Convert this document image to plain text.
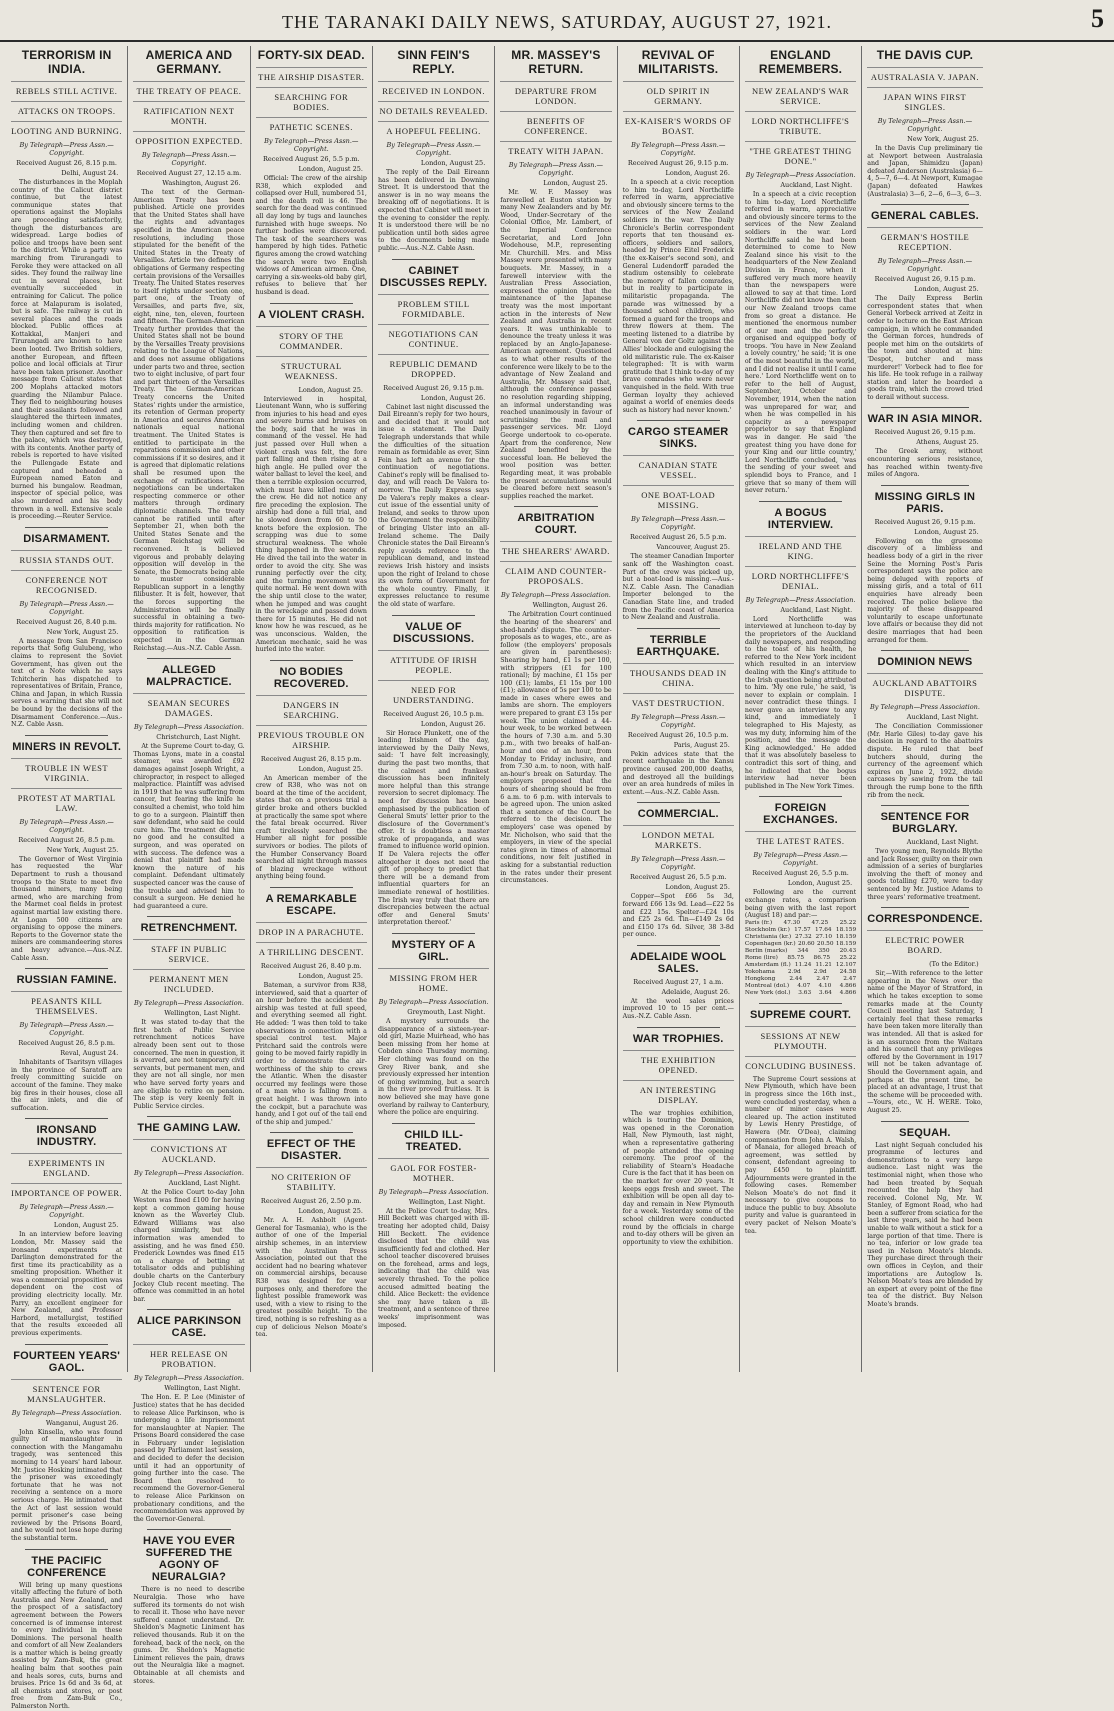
THE TARANAKI DAILY NEWS, SATURDAY, AUGUST 27, 1921.	5
TERRORISM IN INDIA.
REBELS STILL ACTIVE.
ATTACKS ON TROOPS.
LOOTING AND BURNING.
By Telegraph—Press Assn.—Copyright.
Received August 26, 8.15 p.m.
Delhi, August 24.

The disturbances in the Moplah country of the Calicut district continue, but the latest communique states that operations against the Moplahs are proceeding satisfactorily, though the disturbances are widespread. Large bodies of police and troops have been sent to the district. While a party was marching from Tirurangadi to Feroke they were attacked on all sides. They found the railway line cut in several places, but eventually succeeded in entraining for Calicut. The police force at Malapuram is isolated, but is safe. The railway is cut in several places and the roads blocked. Public offices at Kottakkal, Manjeri and Tirurangadi are known to have been looted. Two British soldiers, another European, and fifteen police and local officials at Tirur have been taken prisoner. Another message from Calicut states that 200 Moplahs attacked motors guarding the Nilambur Palace. They fled to neighbouring houses and their assailants followed and slaughtered the thirteen inmates, including women and children. They then captured and set fire to the palace, which was destroyed, with its contents. Another party of rebels is reported to have visited the Pullengade Estate and captured and beheaded a European named Eaton and burned his bungalow. Readman, inspector of special police, was also murdered and his body thrown in a well. Extensive scale is proceeding.—Reuter Service.

DISARMAMENT.
RUSSIA STANDS OUT.
CONFERENCE NOT RECOGNISED.
By Telegraph—Press Assn.—Copyright.
Received August 26, 8.40 p.m.
New York, August 25.

A message from San Francisco reports that Sofig Gulubeng, who claims to represent the Soviet Government, has given out the text of a Note which he says Tchitcherin has dispatched to representatives of Britain, France, China and Japan, in which Russia serves a warning that she will not be bound by the decisions of the Disarmament Conference.—Aus.-N.Z. Cable Assn.

MINERS IN REVOLT.
TROUBLE IN WEST VIRGINIA.
PROTEST AT MARTIAL LAW.
By Telegraph—Press Assn.—Copyright.
Received August 26, 8.5 p.m.
New York, August 25.

The Governor of West Virginia has requested the War Department to rush a thousand troops to the State to meet five thousand miners, many being armed, who are marching from the Marmet coal fields in protest against martial law existing there. At Logan 500 citizens are organising to oppose the miners. Reports to the Governor state the miners are commandeering stores and heavy advance.—Aus.-N.Z. Cable Assn.

RUSSIAN FAMINE.
PEASANTS KILL THEMSELVES.
By Telegraph—Press Assn.—Copyright.
Received August 26, 8.5 p.m.
Reval, August 24.

Inhabitants of Tsaritsyn villages in the province of Saratoff are freely committing suicide on account of the famine. They make big fires in their houses, close all the air inlets, and die of suffocation.

IRONSAND INDUSTRY.
EXPERIMENTS IN ENGLAND.
IMPORTANCE OF POWER.
By Telegraph—Press Assn.—Copyright.
London, August 25.

In an interview before leaving London, Mr. Massey said the ironsand experiments at Darlington demonstrated for the first time its practicability as a smelting proposition. Whether it was a commercial proposition was dependent on the cost of providing electricity locally. Mr. Parry, an excellent engineer for New Zealand, and Professor Harbord, metallurgist, testified that the results exceeded all previous experiments.

FOURTEEN YEARS' GAOL.
SENTENCE FOR MANSLAUGHTER.
By Telegraph—Press Association.
Wanganui, August 26.

John Kinsella, who was found guilty of manslaughter in connection with the Mangamahu tragedy, was sentenced this morning to 14 years' hard labour. Mr. Justice Hosking intimated that the prisoner was exceedingly fortunate that he was not receiving a sentence on a more serious charge. He intimated that the Act of last session would permit prisoner's case being reviewed by the Prisons Board, and he would not lose hope during the substantial term.

THE PACIFIC CONFERENCE

Will bring up many questions vitally affecting the future of both Australia and New Zealand, and the prospect of a satisfactory agreement between the Powers concerned is of immense interest to every individual in these Dominions. The personal health and comfort of all New Zealanders is a matter which is being greatly assisted by Zam-Buk, the great healing balm that soothes pain and heals sores, cuts, burns and bruises. Price 1s 6d and 3s 6d, at all chemists and stores, or post free from Zam-Buk Co., Palmerston North.

AMERICA AND GERMANY.
THE TREATY OF PEACE.
RATIFICATION NEXT MONTH.
OPPOSITION EXPECTED.
By Telegraph—Press Assn.—Copyright.
Received August 27, 12.15 a.m.
Washington, August 26.

The text of the German-American Treaty has been published. Article one provides that the United States shall have the rights and advantages specified in the American peace resolutions, including those stipulated for the benefit of the United States in the Treaty of Versailles. Article two defines the obligations of Germany respecting certain provisions of the Versailles Treaty. The United States reserves to itself rights under section one, part one, of the Treaty of Versailles, and parts five, six, eight, nine, ten, eleven, fourteen and fifteen. The German-American Treaty further provides that the United States shall not be bound by the Versailles Treaty provisions relating to the League of Nations, and does not assume obligations under parts two and three, section two to eight inclusive, of part four and part thirteen of the Versailles Treaty. The German-American Treaty concerns the United States' rights under the armistice, its retention of German property in America and secures American nationals equal national treatment. The United States is entitled to participate in the reparations commission and other commissions if it so desires, and it is agreed that diplomatic relations shall be resumed upon the exchange of ratifications. The negotiations can be undertaken respecting commerce or other matters through ordinary diplomatic channels. The treaty cannot be ratified until after September 21, when both the United States Senate and the German Reichstag will be reconvened. It is believed vigorous and probably delaying opposition will develop in the Senate, the Democrats being able to muster considerable Republican support in a lengthy filibuster. It is felt, however, that the forces supporting the Administration will be finally successful in obtaining a two-thirds majority for ratification. No opposition to ratification is expected in the German Reichstag.—Aus.-N.Z. Cable Assn.

ALLEGED MALPRACTICE.
SEAMAN SECURES DAMAGES.
By Telegraph—Press Association.
Christchurch, Last Night.

At the Supreme Court to-day, G. Thomas Lyons, mate in a coastal steamer, was awarded £92 damages against Joseph Wright, a chiropractor, in respect to alleged malpractice. Plaintiff was advised in 1919 that he was suffering from cancer, but fearing the knife he consulted a chemist, who told him to go to a surgeon. Plaintiff then saw defendant, who said he could cure him. The treatment did him no good and he consulted a surgeon, and was operated on with success. The defence was a denial that plaintiff had made known the nature of his complaint. Defendant ultimately suspected cancer was the cause of the trouble and advised him to consult a surgeon. He denied he had guaranteed a cure.

RETRENCHMENT.
STAFF IN PUBLIC SERVICE.
PERMANENT MEN INCLUDED.
By Telegraph—Press Association.
Wellington, Last Night.

It was stated to-day that the first batch of Public Service retrenchment notices have already been sent out to those concerned. The men in question, it is averred, are not temporary civil servants, but permanent men, and they are not all single, nor men who have served forty years and are eligible to retire on pension. The step is very keenly felt in Public Service circles.

THE GAMING LAW.
CONVICTIONS AT AUCKLAND.
By Telegraph—Press Association.
Auckland, Last Night.

At the Police Court to-day John Weston was fined £100 for having kept a common gaming house known as the Waverley Club. Edward Williams was also charged similarly, but the information was amended to assisting, and he was fined £50. Frederick Lowndes was fined £15 on a charge of betting at totalisator odds and publishing double charts on the Canterbury Jockey Club recent meeting. The offence was committed in an hotel bar.

ALICE PARKINSON CASE.
HER RELEASE ON PROBATION.
By Telegraph—Press Association.
Wellington, Last Night.

The Hon. E. P. Lee (Minister of Justice) states that he has decided to release Alice Parkinson, who is undergoing a life imprisonment for manslaughter at Napier. The Prisons Board considered the case in February under legislation passed by Parliament last session, and decided to defer the decision until it had an opportunity of going further into the case. The Board then resolved to recommend the Governor-General to release Alice Parkinson on probationary conditions, and the recommendation was approved by the Governor-General.

HAVE YOU EVER SUFFERED THE AGONY OF NEURALGIA?

There is no need to describe Neuralgia. Those who have suffered its torments do not wish to recall it. Those who have never suffered cannot understand. Dr. Sheldon's Magnetic Liniment has relieved thousands. Rub it on the forehead, back of the neck, on the gums. Dr. Sheldon's Magnetic Liniment relieves the pain, draws out the Neuralgia like a magnet. Obtainable at all chemists and stores.

FORTY-SIX DEAD.
THE AIRSHIP DISASTER.
SEARCHING FOR BODIES.
PATHETIC SCENES.
By Telegraph—Press Assn.—Copyright.
Received August 26, 5.5 p.m.
London, August 25.

Official: The crew of the airship R38, which exploded and collapsed over Hull, numbered 51, and the death roll is 46. The search for the dead was continued all day long by tugs and launches furnished with huge sweeps. No further bodies were discovered. The task of the searchers was hampered by high tides. Pathetic figures among the crowd watching the search were two English widows of American airmen. One, carrying a six-weeks-old baby girl, refuses to believe that her husband is dead.

A VIOLENT CRASH.
STORY OF THE COMMANDER.
STRUCTURAL WEAKNESS.
London, August 25.

Interviewed in hospital, Lieutenant Wann, who is suffering from injuries to his head and eyes and severe burns and bruises on the body, said that he was in command of the vessel. He had just passed over Hull when a violent crash was felt, the fore part falling and then rising at a high angle. He pulled over the water ballast to level the keel, and then a terrible explosion occurred, which must have killed many of the crew. He did not notice any fire preceding the explosion. The airship had done a full trial, and he slowed down from 60 to 50 knots before the explosion. The scrapping was due to some structural weakness. The whole thing happened in five seconds. He dived the tail into the water in order to avoid the city. She was running perfectly over the city, and the turning movement was quite normal. He went down with the ship until close to the water, when he jumped and was caught in the wreckage and passed down there for 15 minutes. He did not know how he was rescued, as he was unconscious. Walden, the American mechanic, said he was hurled into the water.

NO BODIES RECOVERED.
DANGERS IN SEARCHING.
PREVIOUS TROUBLE ON AIRSHIP.
Received August 26, 8.15 p.m.
London, August 25.

An American member of the crew of R38, who was not on board at the time of the accident, states that on a previous trial a girder broke and others buckled at practically the same spot where the fatal break occurred. River craft tirelessly searched the Humber all night for possible survivors or bodies. The pilots of the Humber Conservancy Board searched all night through masses of blazing wreckage without anything being found.

A REMARKABLE ESCAPE.
DROP IN A PARACHUTE.
A THRILLING DESCENT.
Received August 26, 8.40 p.m.
London, August 25.

Bateman, a survivor from R38, interviewed, said that a quarter of an hour before the accident the airship was tested at full speed, and everything seemed all right. He added: 'I was then told to take observations in connection with a special control test. Major Pritchard said the controls were going to be moved fairly rapidly in order to demonstrate the air-worthiness of the ship to crews the Atlantic. When the disaster occurred my feelings were those of a man who is falling from a great height. I was thrown into the cockpit, but a parachute was handy, and I got out of the tail end of the ship and jumped.'

EFFECT OF THE DISASTER.
NO CRITERION OF STABILITY.
Received August 26, 2.50 p.m.
London, August 25.

Mr. A. H. Ashbolt (Agent-General for Tasmania), who is the author of one of the Imperial airship schemes, in an interview with the Australian Press Association, pointed out that the accident had no bearing whatever on commercial airships, because R38 was designed for war purposes only, and therefore the lightest possible framework was used, with a view to rising to the greatest possible height. To the tired, nothing is so refreshing as a cup of delicious Nelson Moate's tea.

SINN FEIN'S REPLY.
RECEIVED IN LONDON.
NO DETAILS REVEALED.
A HOPEFUL FEELING.
By Telegraph—Press Assn.—Copyright.
London, August 25.

The reply of the Dail Eireann has been delivered in Downing Street. It is understood that the answer is in no way means the breaking off of negotiations. It is expected that Cabinet will meet in the evening to consider the reply. It is understood there will be no publication until both sides agree to the documents being made public.—Aus.-N.Z. Cable Assn.

CABINET DISCUSSES REPLY.
PROBLEM STILL FORMIDABLE.
NEGOTIATIONS CAN CONTINUE.
REPUBLIC DEMAND DROPPED.
Received August 26, 9.15 p.m.
London, August 26.

Cabinet last night discussed the Dail Eireann's reply for two hours, and decided that it would not issue a statement. The Daily Telegraph understands that while the difficulties of the situation remain as formidable as ever, Sinn Fein has left an avenue for the continuation of negotiations. Cabinet's reply will be finalised to-day, and will reach De Valera to-morrow. The Daily Express says De Valera's reply makes a clear-cut issue of the essential unity of Ireland, and seeks to throw upon the Government the responsibility of bringing Ulster into an all-Ireland scheme. The Daily Chronicle states the Dail Eireann's reply avoids reference to the republican demand, and instead reviews Irish history and insists upon the right of Ireland to chose its own form of Government for the whole country. Finally, it expresses reluctance to resume the old state of warfare.

VALUE OF DISCUSSIONS.
ATTITUDE OF IRISH PEOPLE.
NEED FOR UNDERSTANDING.
Received August 26, 10.5 p.m.
London, August 26.

Sir Horace Plunkett, one of the leading Irishmen of the day, interviewed by the Daily News, said: 'I have felt increasingly, during the past two months, that the calmest and frankest discussion has been infinitely more helpful than this strange reversion to secret diplomacy. The need for discussion has been emphasised by the publication of General Smuts' letter prior to the disclosure of the Government's offer. It is doubtless a master stroke of propaganda, and was framed to influence world opinion. If De Valera rejects the offer altogether it does not need the gift of prophecy to predict that there will be a demand from influential quarters for an immediate renewal of hostilities. The Irish way truly that there are discrepancies between the actual offer and General Smuts' interpretation thereof.'

MYSTERY OF A GIRL.
MISSING FROM HER HOME.
By Telegraph—Press Association.
Greymouth, Last Night.

A mystery surrounds the disappearance of a sixteen-year-old girl, Mazie Muirhead, who has been missing from her home at Cobden since Thursday morning. Her clothing was found on the Grey River bank, and she previously expressed her intention of going swimming, but a search in the river proved fruitless. It is now believed she may have gone overland by railway to Canterbury, where the police are enquiring.

CHILD ILL-TREATED.
GAOL FOR FOSTER-MOTHER.
By Telegraph—Press Association.
Wellington, Last Night.

At the Police Court to-day, Mrs. Hill Beckett was charged with ill-treating her adopted child, Daisy Hill Beckett. The evidence disclosed that the child was insufficiently fed and clothed. Her school teacher discovered bruises on the forehead, arms and legs, indicating that the child was severely thrashed. To the police accused admitted beating the child. Alice Beckett: the evidence she may have taken a ill-treatment, and a sentence of three weeks' imprisonment was imposed.

MR. MASSEY'S RETURN.
DEPARTURE FROM LONDON.
BENEFITS OF CONFERENCE.
TREATY WITH JAPAN.
By Telegraph—Press Assn.—Copyright.
London, August 25.

Mr. W. F. Massey was farewelled at Euston station by many New Zealanders and by Mr. Wood, Under-Secretary of the Colonial Office, Mr. Lambert, of the Imperial Conference Secretariat, and Lord John Wodehouse, M.P., representing Mr. Churchill. Mrs. and Miss Massey were presented with many bouquets. Mr. Massey, in a farewell interview with the Australian Press Association, expressed the opinion that the maintenance of the Japanese treaty was the most important action in the interests of New Zealand and Australia in recent years. It was unthinkable to denounce the treaty unless it was replaced by an Anglo-Japanese-American agreement. Questioned as to what other results of the conference were likely to be to the advantage of New Zealand and Australia, Mr. Massey said that, although the conference passed no resolution regarding shipping, an informal understanding was reached unanimously in favour of scrutinising the mail and passenger services. Mr. Lloyd George undertook to co-operate. Apart from the conference, New Zealand benefited by the successful loan. He believed the wool position was better. Regarding meat, it was probable the present accumulations would be cleared before next season's supplies reached the market.

ARBITRATION COURT.
THE SHEARERS' AWARD.
CLAIM AND COUNTER-PROPOSALS.
By Telegraph—Press Association.
Wellington, August 26.

The Arbitration Court continued the hearing of the shearers' and shed-hands' dispute. The counter-proposals as to wages, etc., are as follow (the employers' proposals are given in parentheses): Shearing by hand, £1 1s per 100, with strippers (£1 for 100 rational); by machine, £1 15s per 100 (£1); lambs, £1 15s per 100 (£1); allowance of 5s per 100 to be made in cases where ewes and lambs are shorn. The employers were prepared to grant £3 15s per week. The union claimed a 44-hour week, to be worked between the hours of 7.30 a.m. and 5.30 p.m., with two breaks of half-an-hour and one of an hour, from Monday to Friday inclusive, and from 7.30 a.m. to noon, with half-an-hour's break on Saturday. The employers proposed that the hours of shearing should be from 6 a.m. to 6 p.m. with intervals to be agreed upon. The union asked that a sentence of the Court be referred to the decision. The employers' case was opened by Mr. Nicholson, who said that the employers, in view of the special rates given in times of abnormal conditions, now felt justified in asking for a substantial reduction in the rates under their present circumstances.

REVIVAL OF MILITARISTS.
OLD SPIRIT IN GERMANY.
EX-KAISER'S WORDS OF BOAST.
By Telegraph—Press Assn.—Copyright.
Received August 26, 9.15 p.m.
London, August 26.

In a speech at a civic reception to him to-day, Lord Northcliffe referred in warm, appreciative and obviously sincere terms to the services of the New Zealand soldiers in the war. The Daily Chronicle's Berlin correspondent reports that ten thousand ex-officers, soldiers and sailors, headed by Prince Eitel Frederick (the ex-Kaiser's second son), and General Ludendorff paraded the stadium ostensibly to celebrate the memory of fallen comrades, but in reality to participate in militaristic propaganda. The parade was witnessed by a thousand school children, who formed a guard for the troops and threw flowers at them. The meeting listened to a diatribe by General von der Goltz against the Allies' blockade and eulogising the old militaristic rule. The ex-Kaiser telegraphed: 'It is with warm gratitude that I think to-day of my brave comrades who were never vanquished in the field. With true German loyalty they achieved against a world of enemies deeds such as history had never known.'

CARGO STEAMER SINKS.
CANADIAN STATE VESSEL.
ONE BOAT-LOAD MISSING.
By Telegraph—Press Assn.—Copyright.
Received August 26, 5.5 p.m.
Vancouver, August 25.

The steamer Canadian Importer sank off the Washington coast. Part of the crew was picked up, but a boat-load is missing.—Aus.-N.Z. Cable Assn. The Canadian Importer belonged to the Canadian State line, and traded from the Pacific coast of America to New Zealand and Australia.

TERRIBLE EARTHQUAKE.
THOUSANDS DEAD IN CHINA.
VAST DESTRUCTION.
By Telegraph—Press Assn.—Copyright.
Received August 26, 10.5 p.m.
Paris, August 25.

Pekin advices state that the recent earthquake in the Kansu province caused 200,000 deaths, and destroyed all the buildings over an area hundreds of miles in extent.—Aus.-N.Z. Cable Assn.

COMMERCIAL.
LONDON METAL MARKETS.
By Telegraph—Press Assn.—Copyright.
Received August 26, 5.5 p.m.
London, August 25.

Copper—Spot £66 5s 3d, forward £66 13s 9d. Lead—£22 5s and £22 15s. Spelter—£24 10s and £25 2s 6d. Tin—£149 2s 6d and £150 17s 6d. Silver, 38 3-8d per ounce.

ADELAIDE WOOL SALES.
Received August 27, 1 a.m.
Adelaide, August 26.

At the wool sales prices improved 10 to 15 per cent.—Aus.-N.Z. Cable Assn.

WAR TROPHIES.
THE EXHIBITION OPENED.
AN INTERESTING DISPLAY.

The war trophies exhibition, which is touring the Dominion, was opened in the Coronation Hall, New Plymouth, last night, when a representative gathering of people attended the opening ceremony. The proof of the reliability of Stearn's Headache Cure is the fact that it has been on the market for over 20 years. It keeps eggs fresh and sweet. The exhibition will be open all day to-day and remain in New Plymouth for a week. Yesterday some of the school children were conducted round by the officials in charge and to-day others will be given an opportunity to view the exhibition.

ENGLAND REMEMBERS.
NEW ZEALAND'S WAR SERVICE.
LORD NORTHCLIFFE'S TRIBUTE.
"THE GREATEST THING DONE."
By Telegraph—Press Association.
Auckland, Last Night.

In a speech at a civic reception to him to-day, Lord Northcliffe referred in warm, appreciative and obviously sincere terms to the services of the New Zealand soldiers in the war. Lord Northcliffe said he had been determined to come to New Zealand since his visit to the headquarters of the New Zealand Division in France, when it suffered very much more heavily than the newspapers were allowed to say at that time. Lord Northcliffe did not know then that our New Zealand troops came from so great a distance. He mentioned the enormous number of our men and the perfectly organised and equipped body of troops. 'You have in New Zealand a lovely country,' he said; 'it is one of the most beautiful in the world, and I did not realise it until I came here.' Lord Northcliffe went on to refer to the hell of August, September, October and November, 1914, when the nation was unprepared for war, and when he was compelled in his capacity as a newspaper proprietor to say that England was in danger. He said 'the greatest thing you have done for your King and our little country,' Lord Northcliffe concluded, 'was the sending of your sweet and splendid boys to France, and I grieve that so many of them will never return.'

A BOGUS INTERVIEW.
IRELAND AND THE KING.
LORD NORTHCLIFFE'S DENIAL.
By Telegraph—Press Association.
Auckland, Last Night.

Lord Northcliffe was interviewed at luncheon to-day by the proprietors of the Auckland daily newspapers, and responding to the toast of his health, he referred to the New York incident which resulted in an interview dealing with the King's attitude to the Irish question being attributed to him. 'My one rule,' he said, 'is never to explain or complain. I never contradict these things. I never gave an interview to any kind, and immediately I telegraphed to His Majesty, as was my duty, informing him of the position, and the message the King acknowledged.' He added that it was absolutely baseless to contradict this sort of thing, and he indicated that the bogus interview had never been published in The New York Times.

FOREIGN EXCHANGES.
THE LATEST RATES.
By Telegraph—Press Assn.—Copyright.
Received August 26, 5.5 p.m.
London, August 25.

Following are the current exchange rates, a comparison being given with the last report (August 18) and par:—

Paris (fr.) 47.30 47.25 25.22
Stockholm (kr.) 17.57 17.64 18.159
Christiania (kr.) 27.32 27.10 18.159
Copenhagen (kr.) 20.60 20.50 18.159
Berlin (marks) 344 350 20.43
Rome (lire) 85.75 86.75 25.22
Amsterdam (fl.) 11.24 11.21 12.107
Yokohama 2.9d 2.9d 24.58
Hongkong 2.44 2.47 2.47
Montreal (dol.) 4.07 4.10 4.866
New York (dol.) 3.63 3.64 4.866
SUPREME COURT.
SESSIONS AT NEW PLYMOUTH.
CONCLUDING BUSINESS.

The Supreme Court sessions at New Plymouth, which have been in progress since the 16th inst., were concluded yesterday, when a number of minor cases were cleared up. The action instituted by Lewis Henry Prestidge, of Hawera (Mr. O'Dea), claiming compensation from John A. Walsh, of Manaia, for alleged breach of agreement, was settled by consent, defendant agreeing to pay £450 to plaintiff. Adjournments were granted in the following cases. Remember Nelson Moate's do not find it necessary to give coupons to induce the public to buy. Absolute purity and value is guaranteed in every packet of Nelson Moate's tea.

THE DAVIS CUP.
AUSTRALASIA V. JAPAN.
JAPAN WINS FIRST SINGLES.
By Telegraph—Press Assn.—Copyright.
New York, August 25.

In the Davis Cup preliminary tie at Newport between Australasia and Japan, Shimidzu (Japan) defeated Anderson (Australasia) 6—4, 5—7, 6—4. At Newport, Kumagae (Japan) defeated Hawkes (Australasia) 3—6, 2—6, 6—3, 6—3.

GENERAL CABLES.
GERMAN'S HOSTILE RECEPTION.
By Telegraph—Press Assn.—Copyright.
Received August 26, 9.15 p.m.
London, August 25.

The Daily Express Berlin correspondent states that when General Vorbeck arrived at Zeitz in order to lecture on the East African campaign, in which he commanded the German forces, hundreds of people met him on the outskirts of the town and shouted at him: 'Despot, butcher and mass murderer!' Vorbeck had to flee for his life. He took refuge in a railway station and later he boarded a goods train, which the crowd tried to derail without success.

WAR IN ASIA MINOR.
Received August 26, 9.15 p.m.
Athens, August 25.

The Greek army, without encountering serious resistance, has reached within twenty-five miles of Angora.

MISSING GIRLS IN PARIS.
Received August 26, 9.15 p.m.
London, August 25.

Following on the gruesome discovery of a limbless and headless body of a girl in the river Seine the Morning Post's Paris correspondent says the police are being deluged with reports of missing girls, and a total of 611 enquiries have already been received. The police believe the majority of these disappeared voluntarily to escape unfortunate love affairs or because they did not desire marriages that had been arranged for them.

DOMINION NEWS
AUCKLAND ABATTOIRS DISPUTE.
By Telegraph—Press Association.
Auckland, Last Night.

The Conciliation Commissioner (Mr. Harle Giles) to-day gave his decision in regard to the abattoirs dispute. He ruled that beef butchers should, during the currency of the agreement which expires on June 2, 1922, divide carcases by sawing from the tail through the rump bone to the fifth rib from the neck.

SENTENCE FOR BURGLARY.
Auckland, Last Night.

Two young men, Reynolds Blythe and Jack Rosser, guilty on their own admission of a series of burglaries involving the theft of money and goods totalling £270, were to-day sentenced by Mr. Justice Adams to three years' reformative treatment.

CORRESPONDENCE.
ELECTRIC POWER BOARD.
(To the Editor.)

Sir,—With reference to the letter appearing in the News over the name of the Mayor of Stratford, in which he takes exception to some remarks made at the County Council meeting last Saturday, I certainly feel that these remarks have been taken more literally than was intended. All that is asked for is an assurance from the Waitara and his council that any privileges offered by the Government in 1917 will not be taken advantage of. Should the Government again, and perhaps at the present time, be placed at an advantage, I trust that the scheme will be proceeded with. —Yours, etc., W. H. WERE. Toko, August 25.

SEQUAH.

Last night Sequah concluded his programme of lectures and demonstrations to a very large audience. Last night was the testimonial night, when those who had been treated by Sequah recounted the help they had received. Colonel Ng, Mr. W. Stanley, of Egmont Road, who had been a sufferer from sciatica for the last three years, said he had been unable to walk without a stick for a large portion of that time. There is no tea, inferior or low grade tea used in Nelson Moate's blends. They purchase direct through their own offices in Ceylon, and their importations are Autoglow Is. Nelson Moate's teas are blended by an expert at every point of the fine tea of the district. Buy Nelson Moate's brands.
